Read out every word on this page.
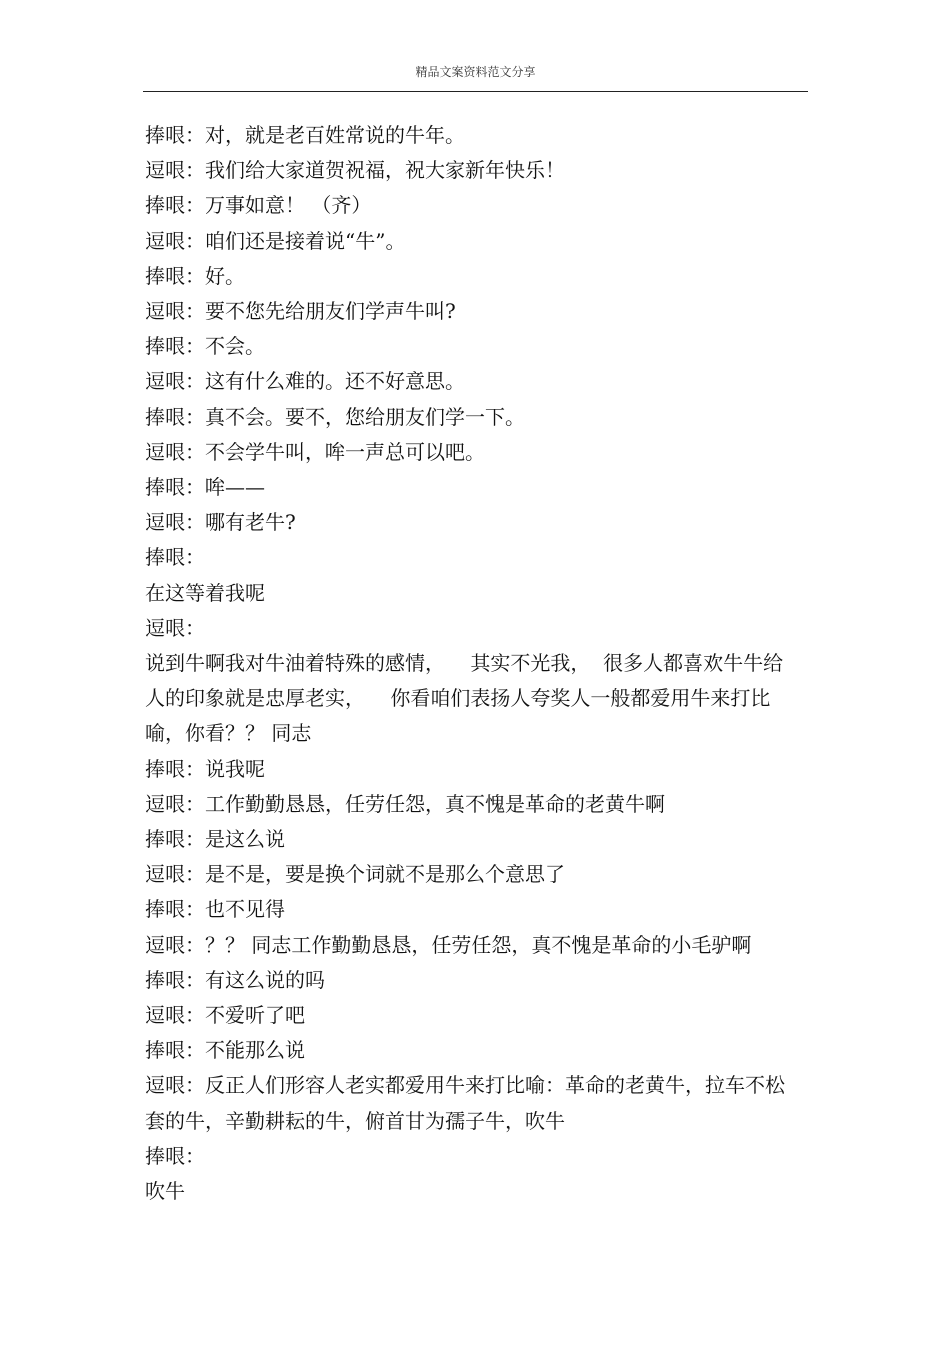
精品文案资料范文分享

捧哏：对，就是老百姓常说的牛年。

逗哏：我们给大家道贺祝福，祝大家新年快乐！

捧哏：万事如意！ （齐）

逗哏：咱们还是接着说“牛”。

捧哏：好。

逗哏：要不您先给朋友们学声牛叫?

捧哏：不会。

逗哏：这有什么难的。还不好意思。

捧哏：真不会。要不，您给朋友们学一下。

逗哏：不会学牛叫，哞一声总可以吧。

捧哏：哞——

逗哏：哪有老牛?

捧哏：

在这等着我呢

逗哏：

说到牛啊我对牛油着特殊的感情，    其实不光我，  很多人都喜欢牛牛给人的印象就是忠厚老实，    你看咱们表扬人夸奖人一般都爱用牛来打比喻，你看？？ 同志

捧哏：说我呢

逗哏：工作勤勤恳恳，任劳任怨，真不愧是革命的老黄牛啊

捧哏：是这么说

逗哏：是不是，要是换个词就不是那么个意思了

捧哏：也不见得

逗哏：？？ 同志工作勤勤恳恳，任劳任怨，真不愧是革命的小毛驴啊

捧哏：有这么说的吗

逗哏：不爱听了吧

捧哏：不能那么说

逗哏：反正人们形容人老实都爱用牛来打比喻：革命的老黄牛，拉车不松套的牛，辛勤耕耘的牛，俯首甘为孺子牛，吹牛

捧哏：

吹牛
